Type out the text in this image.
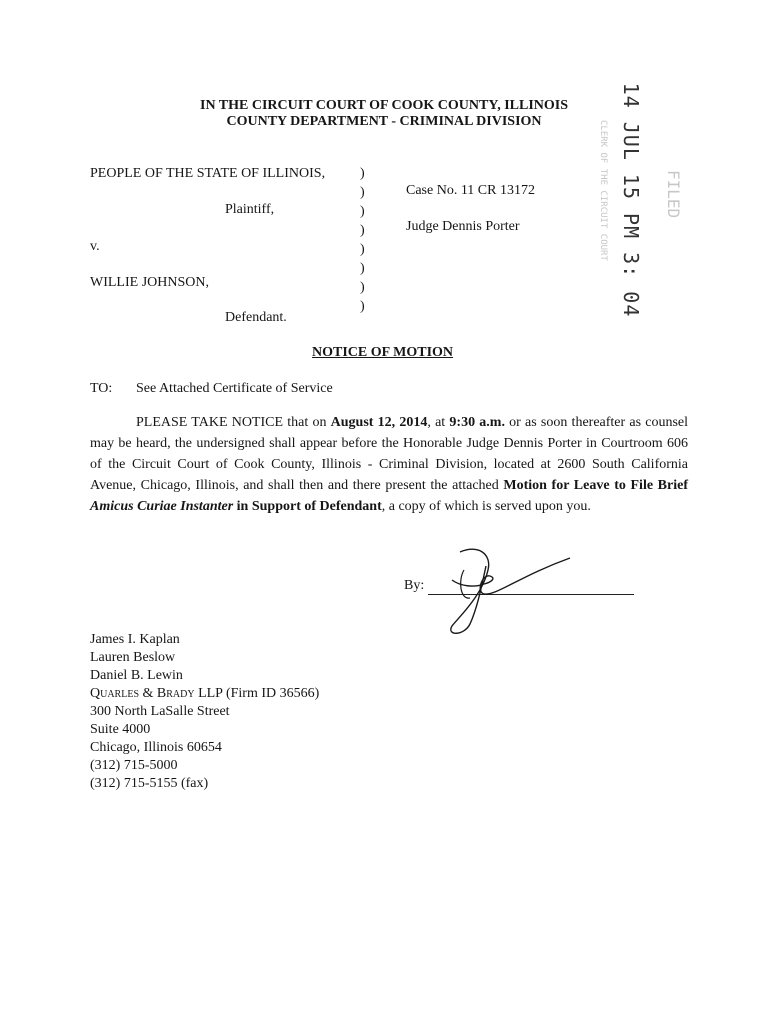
IN THE CIRCUIT COURT OF COOK COUNTY, ILLINOIS
COUNTY DEPARTMENT - CRIMINAL DIVISION
PEOPLE OF THE STATE OF ILLINOIS,
Plaintiff,
v.
WILLIE JOHNSON,
Defendant.
)
)
)
)
)
)
)
)
Case No. 11 CR 13172
Judge Dennis Porter	CLERK OF THE CIRCUIT COURT	FILED
14 JUL 15 PM 3: 04
NOTICE OF MOTION
TO: See Attached Certificate of Service
PLEASE TAKE NOTICE that on August 12, 2014, at 9:30 a.m. or as soon thereafter as counsel may be heard, the undersigned shall appear before the Honorable Judge Dennis Porter in Courtroom 606 of the Circuit Court of Cook County, Illinois - Criminal Division, located at 2600 South California Avenue, Chicago, Illinois, and shall then and there present the attached Motion for Leave to File Brief Amicus Curiae Instanter in Support of Defendant, a copy of which is served upon you.
By:
James I. Kaplan
Lauren Beslow
Daniel B. Lewin
Quarles & Brady LLP (Firm ID 36566)
300 North LaSalle Street
Suite 4000
Chicago, Illinois 60654
(312) 715-5000
(312) 715-5155 (fax)
